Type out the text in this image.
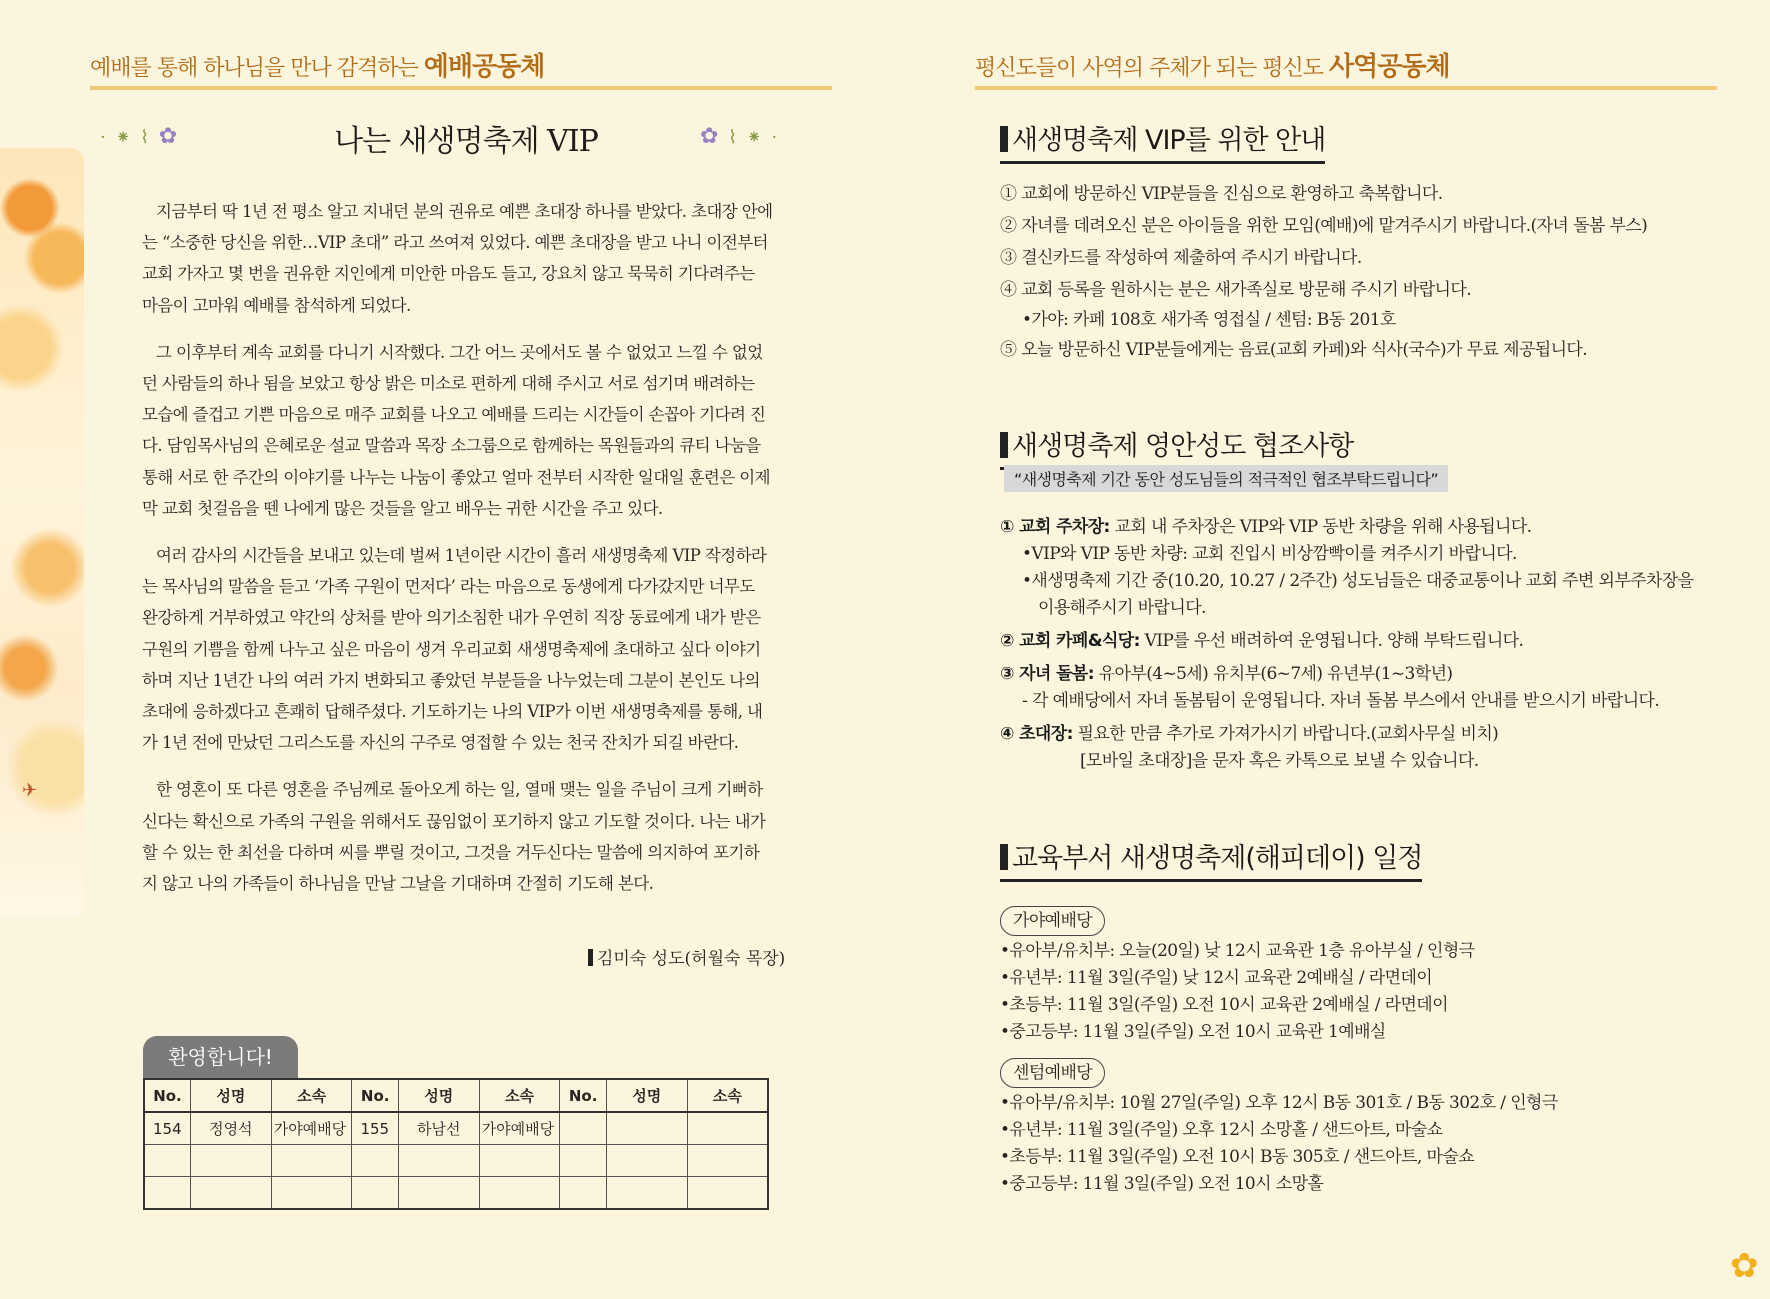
✈
예배를 통해 하나님을 만나 감격하는 예배공동체
· ⁕ ⌇ ✿	✿ ⌇ ⁕ ·
나는 새생명축제 VIP

지금부터 딱 1년 전 평소 알고 지내던 분의 권유로 예쁜 초대장 하나를 받았다. 초대장 안에는 “소중한 당신을 위한…VIP 초대” 라고 쓰여져 있었다. 예쁜 초대장을 받고 나니 이전부터 교회 가자고 몇 번을 권유한 지인에게 미안한 마음도 들고, 강요치 않고 묵묵히 기다려주는 마음이 고마워 예배를 참석하게 되었다.

그 이후부터 계속 교회를 다니기 시작했다. 그간 어느 곳에서도 볼 수 없었고 느낄 수 없었던 사람들의 하나 됨을 보았고 항상 밝은 미소로 편하게 대해 주시고 서로 섬기며 배려하는 모습에 즐겁고 기쁜 마음으로 매주 교회를 나오고 예배를 드리는 시간들이 손꼽아 기다려 진다. 담임목사님의 은혜로운 설교 말씀과 목장 소그룹으로 함께하는 목원들과의 큐티 나눔을 통해 서로 한 주간의 이야기를 나누는 나눔이 좋았고 얼마 전부터 시작한 일대일 훈련은 이제 막 교회 첫걸음을 뗀 나에게 많은 것들을 알고 배우는 귀한 시간을 주고 있다.

여러 감사의 시간들을 보내고 있는데 벌써 1년이란 시간이 흘러 새생명축제 VIP 작정하라는 목사님의 말씀을 듣고 ‘가족 구원이 먼저다’ 라는 마음으로 동생에게 다가갔지만 너무도 완강하게 거부하였고 약간의 상처를 받아 의기소침한 내가 우연히 직장 동료에게 내가 받은 구원의 기쁨을 함께 나누고 싶은 마음이 생겨 우리교회 새생명축제에 초대하고 싶다 이야기하며 지난 1년간 나의 여러 가지 변화되고 좋았던 부분들을 나누었는데 그분이 본인도 나의 초대에 응하겠다고 흔쾌히 답해주셨다. 기도하기는 나의 VIP가 이번 새생명축제를 통해, 내가 1년 전에 만났던 그리스도를 자신의 구주로 영접할 수 있는 천국 잔치가 되길 바란다.

한 영혼이 또 다른 영혼을 주님께로 돌아오게 하는 일, 열매 맺는 일을 주님이 크게 기뻐하신다는 확신으로 가족의 구원을 위해서도 끊임없이 포기하지 않고 기도할 것이다. 나는 내가 할 수 있는 한 최선을 다하며 씨를 뿌릴 것이고, 그것을 거두신다는 말씀에 의지하여 포기하지 않고 나의 가족들이 하나님을 만날 그날을 기대하며 간절히 기도해 본다.

김미숙 성도(허월숙 목장)
환영합니다!
No.	성명	소속	No.	성명	소속	No.	성명	소속
154	정영석	가야예배당	155	하남선	가야예배당			

평신도들이 사역의 주체가 되는 평신도 사역공동체
새생명축제 VIP를 위한 안내
① 교회에 방문하신 VIP분들을 진심으로 환영하고 축복합니다.
② 자녀를 데려오신 분은 아이들을 위한 모임(예배)에 맡겨주시기 바랍니다.(자녀 돌봄 부스)
③ 결신카드를 작성하여 제출하여 주시기 바랍니다.
④ 교회 등록을 원하시는 분은 새가족실로 방문해 주시기 바랍니다.
•가야: 카페 108호 새가족 영접실 / 센텀: B동 201호
⑤ 오늘 방문하신 VIP분들에게는 음료(교회 카페)와 식사(국수)가 무료 제공됩니다.
새생명축제 영안성도 협조사항
“새생명축제 기간 동안 성도님들의 적극적인 협조부탁드립니다”
① 교회 주차장: 교회 내 주차장은 VIP와 VIP 동반 차량을 위해 사용됩니다.
•VIP와 VIP 동반 차량: 교회 진입시 비상깜빡이를 켜주시기 바랍니다.
•새생명축제 기간 중(10.20, 10.27 / 2주간) 성도님들은 대중교통이나 교회 주변 외부주차장을
이용해주시기 바랍니다.
② 교회 카페&식당: VIP를 우선 배려하여 운영됩니다. 양해 부탁드립니다.
③ 자녀 돌봄: 유아부(4~5세) 유치부(6~7세) 유년부(1~3학년)
- 각 예배당에서 자녀 돌봄팀이 운영됩니다. 자녀 돌봄 부스에서 안내를 받으시기 바랍니다.
④ 초대장: 필요한 만큼 추가로 가져가시기 바랍니다.(교회사무실 비치)
[모바일 초대장]을 문자 혹은 카톡으로 보낼 수 있습니다.
교육부서 새생명축제(해피데이) 일정
가야예배당
•유아부/유치부: 오늘(20일) 낮 12시 교육관 1층 유아부실 / 인형극
•유년부: 11월 3일(주일) 낮 12시 교육관 2예배실 / 라면데이
•초등부: 11월 3일(주일) 오전 10시 교육관 2예배실 / 라면데이
•중고등부: 11월 3일(주일) 오전 10시 교육관 1예배실
센텀예배당
•유아부/유치부: 10월 27일(주일) 오후 12시 B동 301호 / B동 302호 / 인형극
•유년부: 11월 3일(주일) 오후 12시 소망홀 / 샌드아트, 마술쇼
•초등부: 11월 3일(주일) 오전 10시 B동 305호 / 샌드아트, 마술쇼
•중고등부: 11월 3일(주일) 오전 10시 소망홀
✿
